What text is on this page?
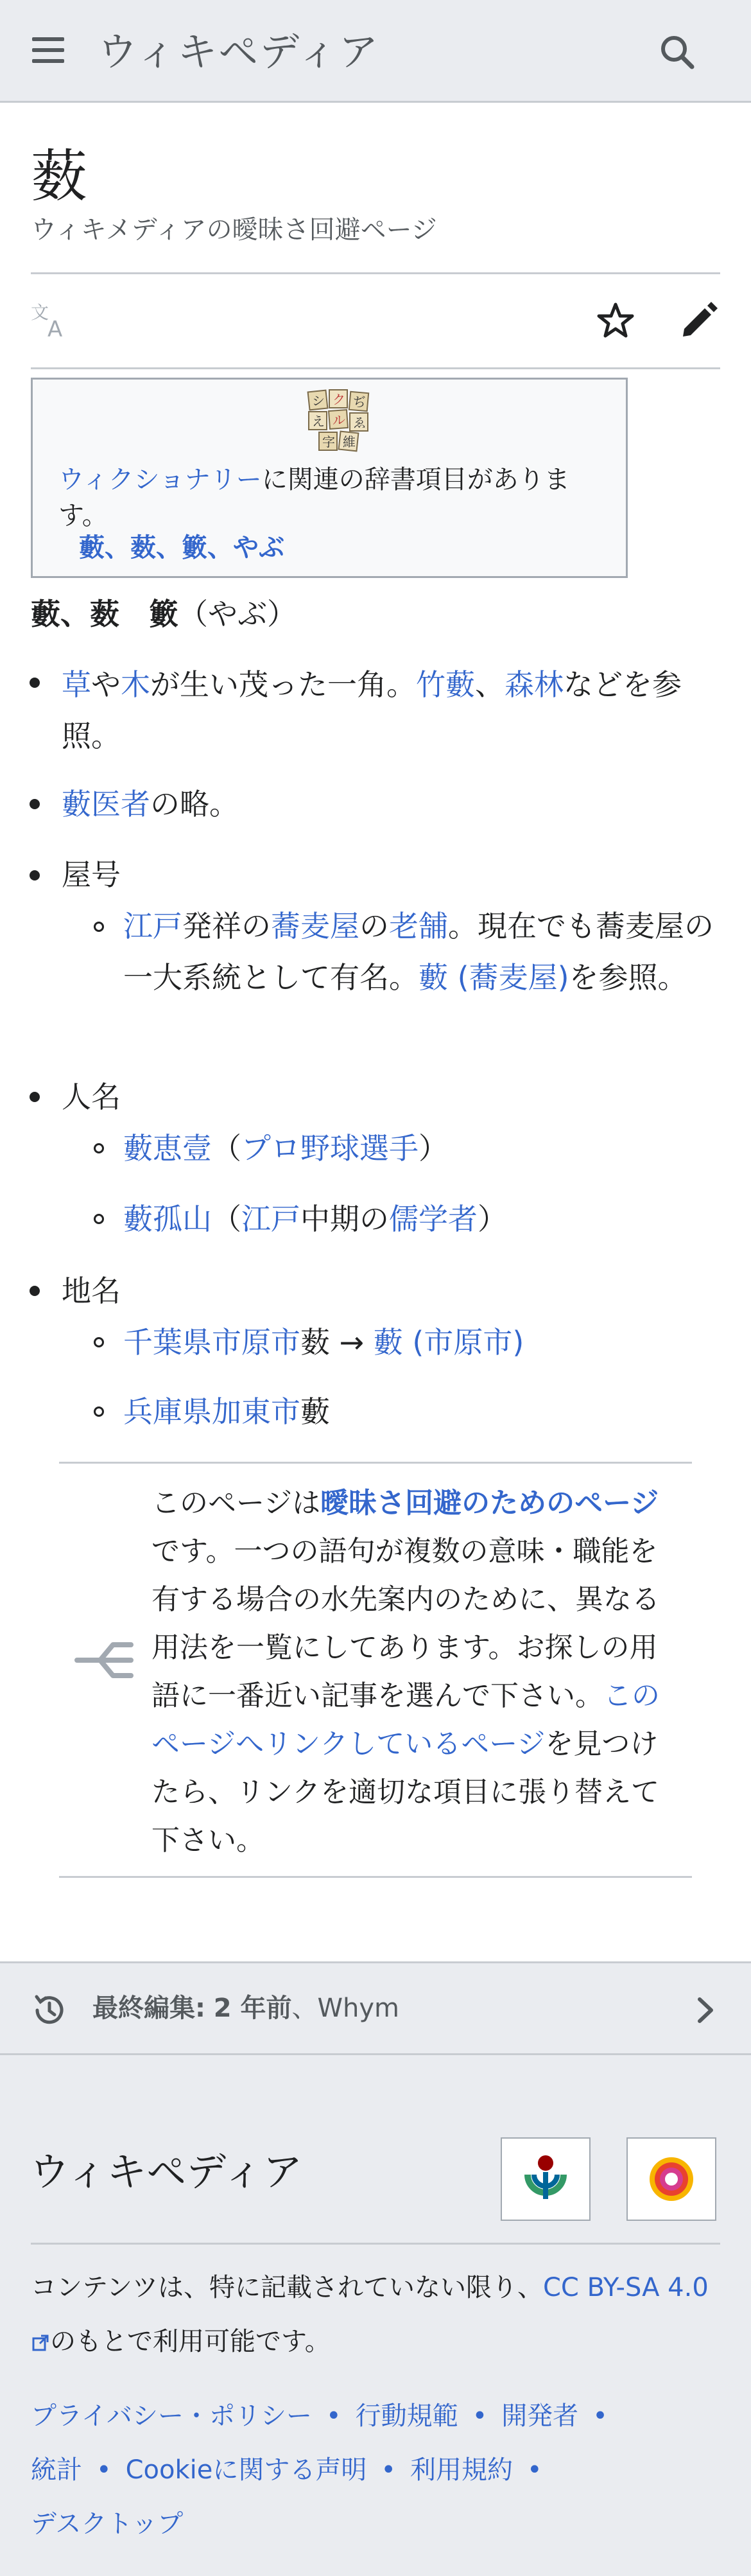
ウィキペディア
薮
ウィキメディアの曖昧さ回避ページ
文
A
シ ク ぢ
え ル ゑ
字 維
ウィクショナリーに関連の辞書項目があります。
藪、薮、籔、やぶ
藪、薮　籔（やぶ）
草や木が生い茂った一角。竹藪、森林などを参照。
藪医者の略。
屋号
江戸発祥の蕎麦屋の老舗。現在でも蕎麦屋の一大系統として有名。藪 (蕎麦屋)を参照。
人名
藪恵壹（プロ野球選手）
藪孤山（江戸中期の儒学者）
地名
千葉県市原市薮 → 藪 (市原市)
兵庫県加東市藪
このページは曖昧さ回避のためのページです。一つの語句が複数の意味・職能を有する場合の水先案内のために、異なる用法を一覧にしてあります。お探しの用語に一番近い記事を選んで下さい。このページへリンクしているページを見つけたら、リンクを適切な項目に張り替えて下さい。
最終編集: 2 年前、Whym
ウィキペディア
コンテンツは、特に記載されていない限り、CC BY-SA 4.0のもとで利用可能です。
プライバシー・ポリシー • 行動規範 • 開発者 •
統計 • Cookieに関する声明 • 利用規約 •
デスクトップ
